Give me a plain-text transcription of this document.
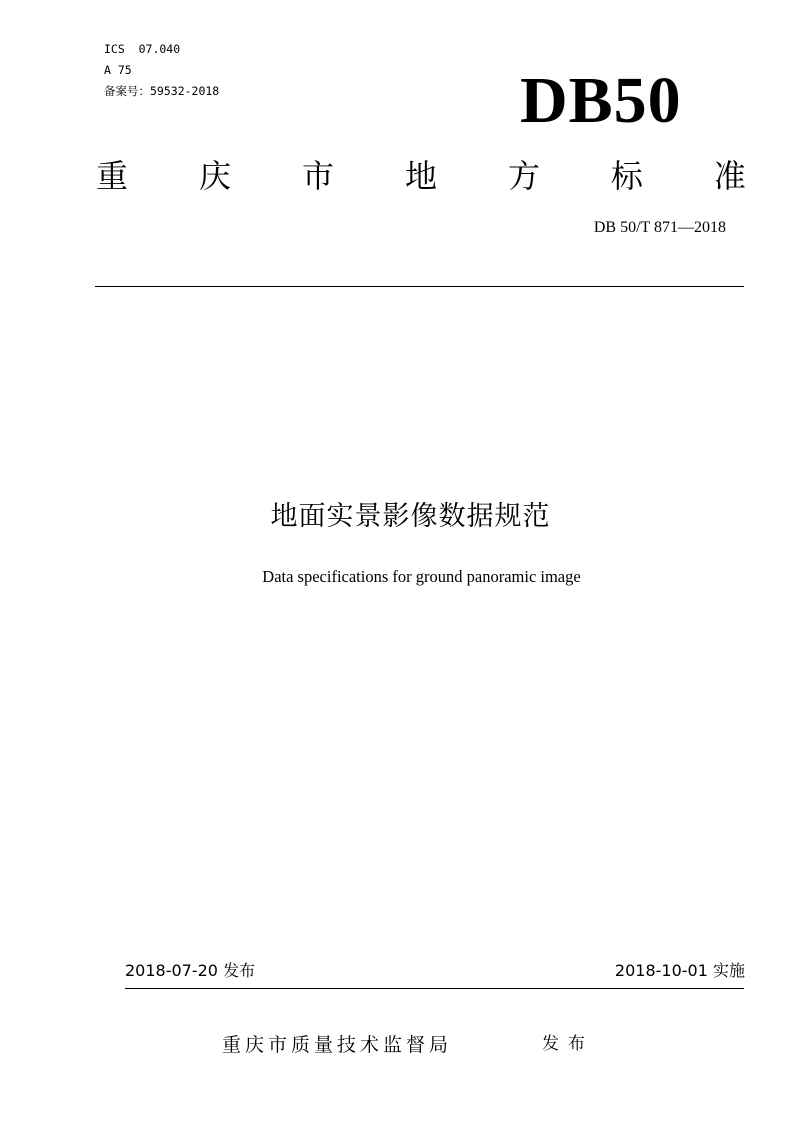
ICS  07.040
A 75
备案号：59532-2018	DB50
重 庆 市 地 方 标 准
DB 50/T 871—2018
地面实景影像数据规范
Data specifications for ground panoramic image
2018-07-20 发布	2018-10-01 实施
重庆市质量技术监督局	发布
